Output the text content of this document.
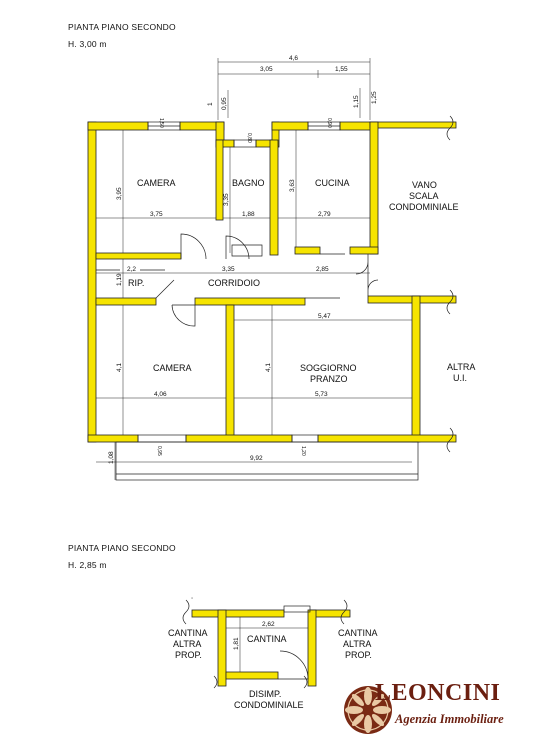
PIANTA PIANO SECONDO
H. 3,00 m
PIANTA PIANO SECONDO
H. 2,85 m
CAMERA	BAGNO	CUCINA	VANO
SCALA
CONDOMINIALE
RIP.	CORRIDOIO
CAMERA	SOGGIORNO
PRANZO
ALTRA
U.I.
4,6
3,05	1,55
0,95
1	1,15 1,25
3,95
3,75
3,35
1,88
3,63
2,79
2,2	3,35	2,85
1,19
5,47
4,1	4,1
4,06	5,73
1,08	9,92
1,50
0,80
0,90
0,95	1,20
CANTINA
CANTINA
ALTRA
PROP.
CANTINA
ALTRA
PROP.
DISIMP.
CONDOMINIALE
2,62
1,81
LEONCINI
Agenzia Immobiliare
